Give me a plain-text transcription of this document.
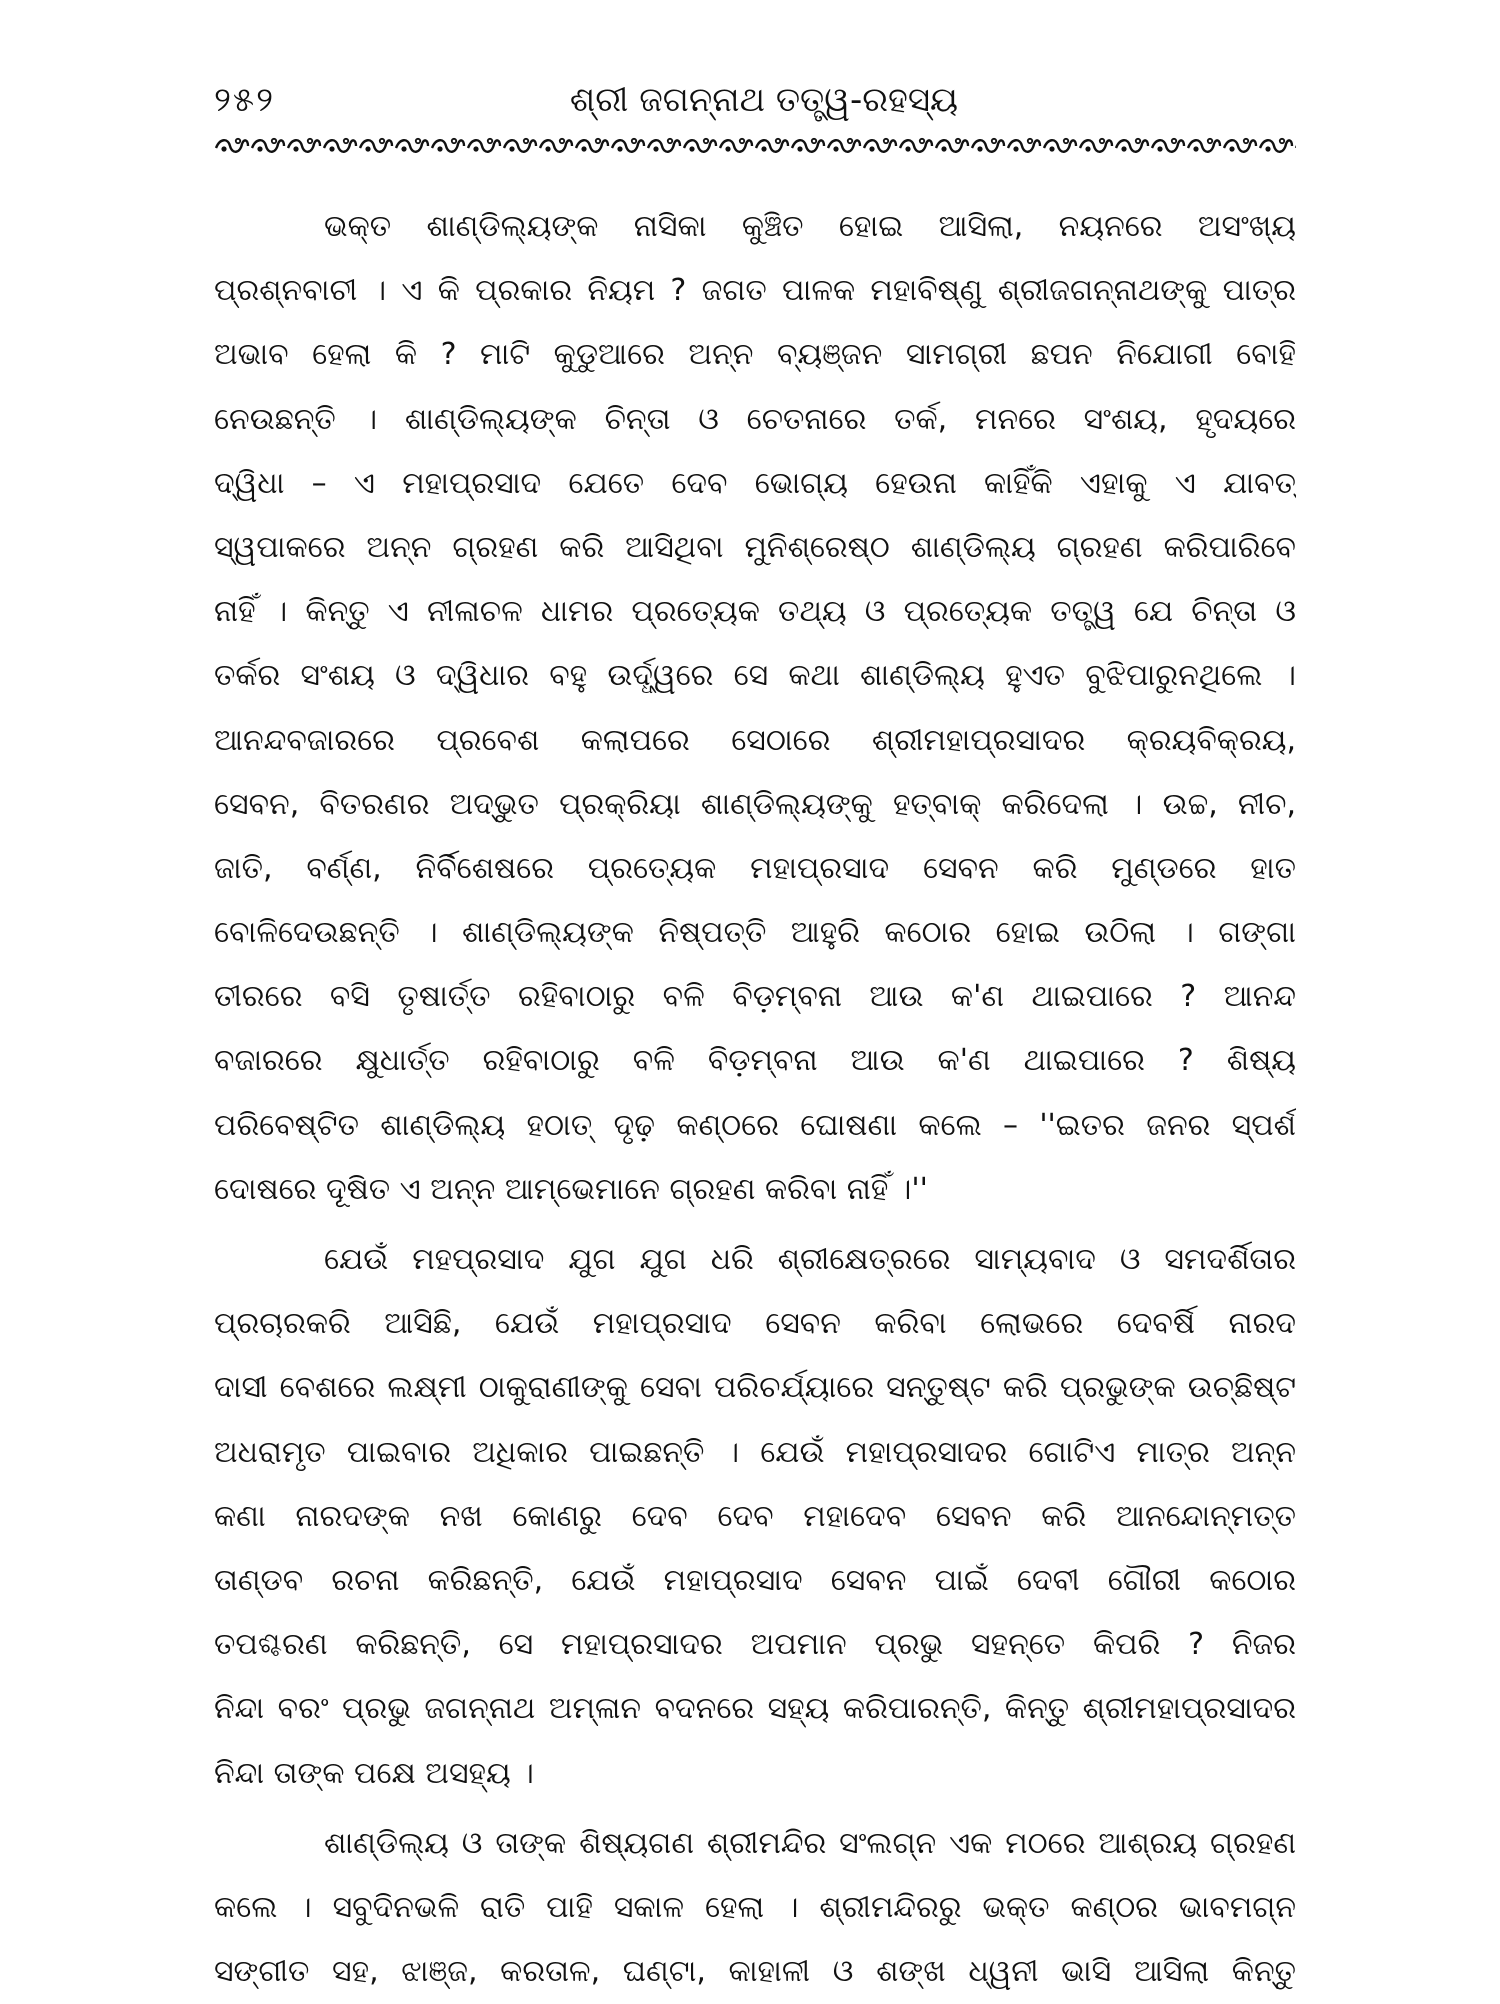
୨୫୨	ଶ୍ରୀ ଜଗନ୍ନାଥ ତତ୍ତ୍ୱ-ରହସ୍ୟ
ଭକ୍ତ ଶାଣ୍ଡିଲ୍ୟଙ୍କ ନାସିକା କୁଞ୍ଚିତ ହୋଇ ଆସିଲା, ନୟନରେ ଅସଂଖ୍ୟ
ପ୍ରଶ୍ନବାଚୀ । ଏ କି ପ୍ରକାର ନିୟମ ? ଜଗତ ପାଳକ ମହାବିଷ୍ଣୁ ଶ୍ରୀଜଗନ୍ନାଥଙ୍କୁ ପାତ୍ର
ଅଭାବ ହେଲା କି ? ମାଟି କୁଡୁଆରେ ଅନ୍ନ ବ୍ୟଞ୍ଜନ ସାମଗ୍ରୀ ଛପନ ନିଯୋଗୀ ବୋହି
ନେଉଛନ୍ତି । ଶାଣ୍ଡିଲ୍ୟଙ୍କ ଚିନ୍ତା ଓ ଚେତନାରେ ତର୍କ, ମନରେ ସଂଶୟ, ହୃଦୟରେ
ଦ୍ୱିଧା – ଏ ମହାପ୍ରସାଦ ଯେତେ ଦେବ ଭୋଗ୍ୟ ହେଉନା କାହିଁକି ଏହାକୁ ଏ ଯାବତ୍
ସ୍ୱପାକରେ ଅନ୍ନ ଗ୍ରହଣ କରି ଆସିଥିବା ମୁନିଶ୍ରେଷ୍ଠ ଶାଣ୍ଡିଲ୍ୟ ଗ୍ରହଣ କରିପାରିବେ
ନାହିଁ । କିନ୍ତୁ ଏ ନୀଳାଚଳ ଧାମର ପ୍ରତ୍ୟେକ ତଥ୍ୟ ଓ ପ୍ରତ୍ୟେକ ତତ୍ତ୍ୱ ଯେ ଚିନ୍ତା ଓ
ତର୍କର ସଂଶୟ ଓ ଦ୍ୱିଧାର ବହୁ ଉର୍ଦ୍ଧ୍ୱରେ ସେ କଥା ଶାଣ୍ଡିଲ୍ୟ ହୁଏତ ବୁଝିପାରୁନଥିଲେ ।
ଆନନ୍ଦବଜାରରେ ପ୍ରବେଶ କଲାପରେ ସେଠାରେ ଶ୍ରୀମହାପ୍ରସାଦର କ୍ରୟବିକ୍ରୟ,
ସେବନ, ବିତରଣର ଅଦ୍ଭୁତ ପ୍ରକ୍ରିୟା ଶାଣ୍ଡିଲ୍ୟଙ୍କୁ ହତ୍‌ବାକ୍ କରିଦେଲା । ଉଚ୍ଚ, ନୀଚ,
ଜାତି, ବର୍ଣ୍ଣ, ନିର୍ବିଶେଷରେ ପ୍ରତ୍ୟେକ ମହାପ୍ରସାଦ ସେବନ କରି ମୁଣ୍ଡରେ ହାତ
ବୋଳିଦେଉଛନ୍ତି । ଶାଣ୍ଡିଲ୍ୟଙ୍କ ନିଷ୍ପତ୍ତି ଆହୁରି କଠୋର ହୋଇ ଉଠିଲା । ଗଙ୍ଗା
ତୀରରେ ବସି ତୃଷାର୍ତ୍ତ ରହିବାଠାରୁ ବଳି ବିଡ଼ମ୍ବନା ଆଉ କ'ଣ ଥାଇପାରେ ? ଆନନ୍ଦ
ବଜାରରେ କ୍ଷୁଧାର୍ତ୍ତ ରହିବାଠାରୁ ବଳି ବିଡ଼ମ୍ବନା ଆଉ କ'ଣ ଥାଇପାରେ ? ଶିଷ୍ୟ
ପରିବେଷ୍ଟିତ ଶାଣ୍ଡିଲ୍ୟ ହଠାତ୍ ଦୃଢ଼ କଣ୍ଠରେ ଘୋଷଣା କଲେ – ''ଇତର ଜନର ସ୍ପର୍ଶ
ଦୋଷରେ ଦୂଷିତ ଏ ଅନ୍ନ ଆମ୍ଭେମାନେ ଗ୍ରହଣ କରିବା ନାହିଁ ।''
ଯେଉଁ ମହପ୍ରସାଦ ଯୁଗ ଯୁଗ ଧରି ଶ୍ରୀକ୍ଷେତ୍ରରେ ସାମ୍ୟବାଦ ଓ ସମଦର୍ଶିତାର
ପ୍ରଚାରକରି ଆସିଛି, ଯେଉଁ ମହାପ୍ରସାଦ ସେବନ କରିବା ଲୋଭରେ ଦେବର୍ଷି ନାରଦ
ଦାସୀ ବେଶରେ ଲକ୍ଷ୍ମୀ ଠାକୁରାଣୀଙ୍କୁ ସେବା ପରିଚର୍ଯ୍ୟାରେ ସନ୍ତୁଷ୍ଟ କରି ପ୍ରଭୁଙ୍କ ଉଚ୍ଛିଷ୍ଟ
ଅଧରାମୃତ ପାଇବାର ଅଧିକାର ପାଇଛନ୍ତି । ଯେଉଁ ମହାପ୍ରସାଦର ଗୋଟିଏ ମାତ୍ର ଅନ୍ନ
କଣା ନାରଦଙ୍କ ନଖ କୋଣରୁ ଦେବ ଦେବ ମହାଦେବ ସେବନ କରି ଆନନ୍ଦୋନ୍ମତ୍ତ
ତାଣ୍ଡବ ରଚନା କରିଛନ୍ତି, ଯେଉଁ ମହାପ୍ରସାଦ ସେବନ ପାଇଁ ଦେବୀ ଗୌରୀ କଠୋର
ତପଶ୍ଚରଣ କରିଛନ୍ତି, ସେ ମହାପ୍ରସାଦର ଅପମାନ ପ୍ରଭୁ ସହନ୍ତେ କିପରି ? ନିଜର
ନିନ୍ଦା ବରଂ ପ୍ରଭୁ ଜଗନ୍ନାଥ ଅମ୍ଳାନ ବଦନରେ ସହ୍ୟ କରିପାରନ୍ତି, କିନ୍ତୁ ଶ୍ରୀମହାପ୍ରସାଦର
ନିନ୍ଦା ତାଙ୍କ ପକ୍ଷେ ଅସହ୍ୟ ।
ଶାଣ୍ଡିଲ୍ୟ ଓ ତାଙ୍କ ଶିଷ୍ୟଗଣ ଶ୍ରୀମନ୍ଦିର ସଂଲଗ୍ନ ଏକ ମଠରେ ଆଶ୍ରୟ ଗ୍ରହଣ
କଲେ । ସବୁଦିନଭଳି ରାତି ପାହି ସକାଳ ହେଲା । ଶ୍ରୀମନ୍ଦିରରୁ ଭକ୍ତ କଣ୍ଠର ଭାବମଗ୍ନ
ସଙ୍ଗୀତ ସହ, ଝାଞ୍ଜ, କରତାଳ, ଘଣ୍ଟା, କାହାଳୀ ଓ ଶଙ୍ଖ ଧ୍ୱନୀ ଭାସି ଆସିଲା କିନ୍ତୁ
